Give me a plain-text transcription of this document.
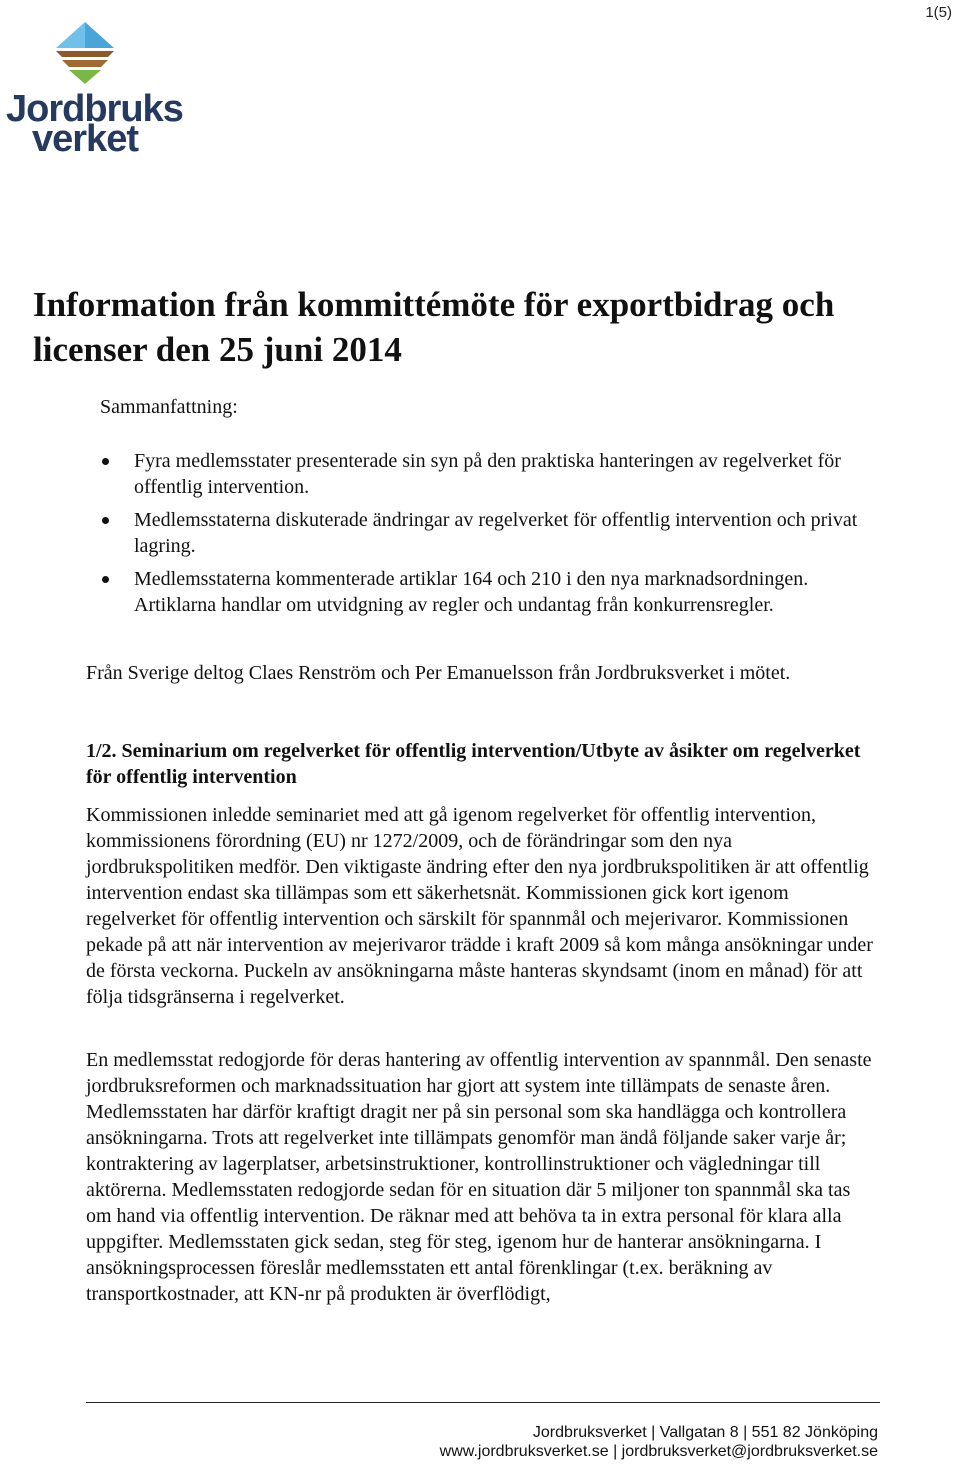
1(5)
Jordbruks
verket
Information från kommittémöte för exportbidrag och licenser den 25 juni 2014
Sammanfattning:
Fyra medlemsstater presenterade sin syn på den praktiska hanteringen av regelverket för offentlig intervention.
Medlemsstaterna diskuterade ändringar av regelverket för offentlig intervention och privat lagring.
Medlemsstaterna kommenterade artiklar 164 och 210 i den nya marknadsordningen. Artiklarna handlar om utvidgning av regler och undantag från konkurrensregler.

Från Sverige deltog Claes Renström och Per Emanuelsson från Jordbruksverket i mötet.

1/2. Seminarium om regelverket för offentlig intervention/Utbyte av åsikter om regelverket för offentlig intervention

Kommissionen inledde seminariet med att gå igenom regelverket för offentlig intervention, kommissionens förordning (EU) nr 1272/2009, och de förändringar som den nya jordbrukspolitiken medför. Den viktigaste ändring efter den nya jordbrukspolitiken är att offentlig intervention endast ska tillämpas som ett säkerhetsnät. Kommissionen gick kort igenom regelverket för offentlig intervention och särskilt för spannmål och mejerivaror. Kommissionen pekade på att när intervention av mejerivaror trädde i kraft 2009 så kom många ansökningar under de första veckorna. Puckeln av ansökningarna måste hanteras skyndsamt (inom en månad) för att följa tidsgränserna i regelverket.

En medlemsstat redogjorde för deras hantering av offentlig intervention av spannmål. Den senaste jordbruksreformen och marknadssituation har gjort att system inte tillämpats de senaste åren. Medlemsstaten har därför kraftigt dragit ner på sin personal som ska handlägga och kontrollera ansökningarna. Trots att regelverket inte tillämpats genomför man ändå följande saker varje år; kontraktering av lagerplatser, arbetsinstruktioner, kontrollinstruktioner och vägledningar till aktörerna. Medlemsstaten redogjorde sedan för en situation där 5 miljoner ton spannmål ska tas om hand via offentlig intervention. De räknar med att behöva ta in extra personal för klara alla uppgifter. Medlemsstaten gick sedan, steg för steg, igenom hur de hanterar ansökningarna. I ansökningsprocessen föreslår medlemsstaten ett antal förenklingar (t.ex. beräkning av transportkostnader, att KN-nr på produkten är överflödigt,

Jordbruksverket | Vallgatan 8 | 551 82 Jönköping
www.jordbruksverket.se | jordbruksverket@jordbruksverket.se
